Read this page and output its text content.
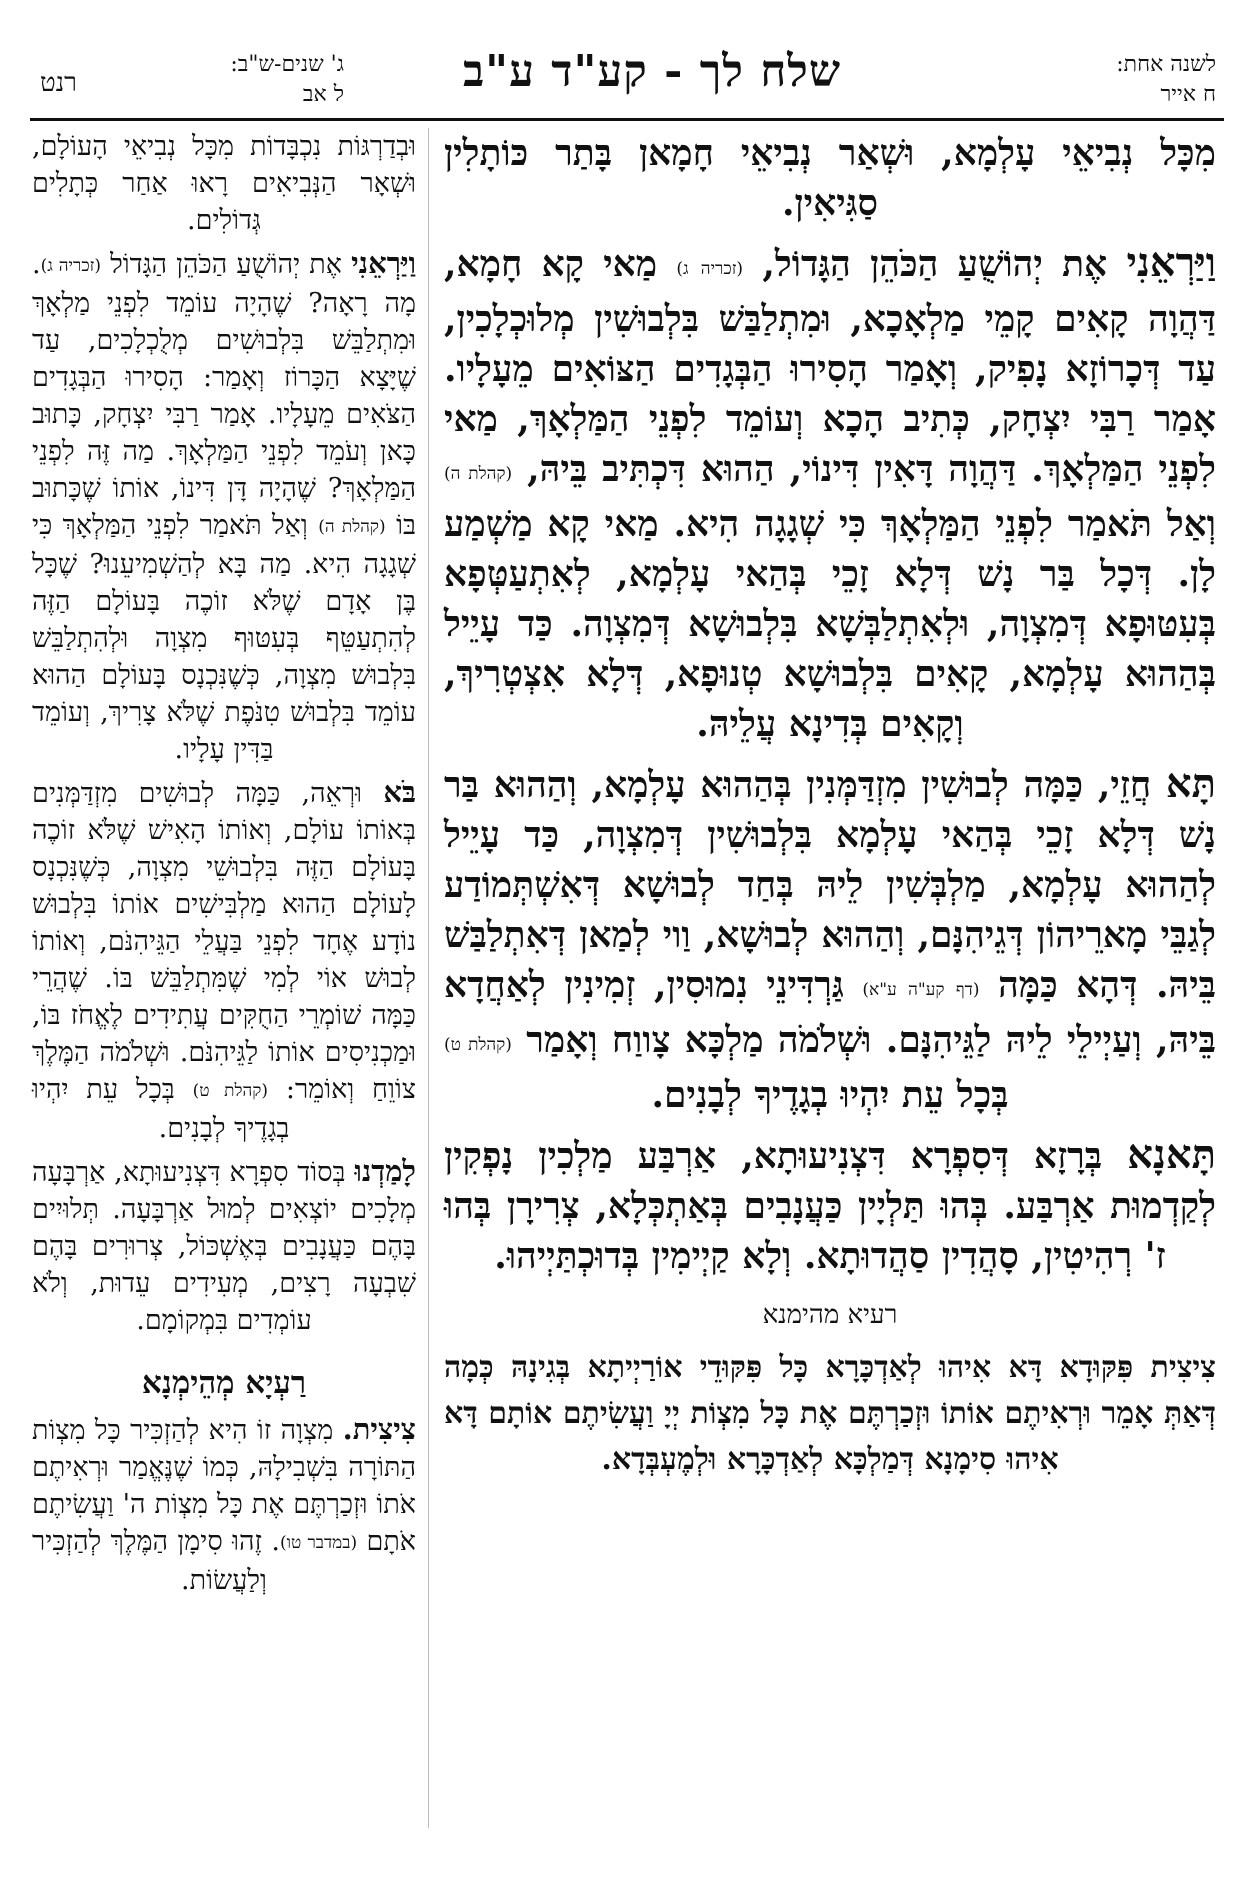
רנט
ג' שנים-ש"ב:
ל אב	שלח לך - קע"ד ע"ב	לשנה אחת:
ח אייר

מִכָּל נְבִיאֵי עָלְמָא, וּשְׁאַר נְבִיאֵי חָמָאן בָּתַר כּוֹתָלִין סַגִּיאִין.

וַיַּרְאֵנִי אֶת יְהוֹשֻׁעַ הַכֹּהֵן הַגָּדוֹל, (זכריה ג) מַאי קָא חָמָא, דַּהֲוָה קָאִים קָמֵי מַלְאָכָא, וּמִתְלַבַּשׁ בִּלְבוּשִׁין מְלוּכְלָכִין, עַד דְּכָרוֹזָא נָפִיק, וְאָמַר הָסִירוּ הַבְּגָדִים הַצּוֹאִים מֵעָלָיו. אָמַר רַבִּי יִצְחָק, כְּתִיב הָכָא וְעוֹמֵד לִפְנֵי הַמַּלְאָךְ, מַאי לִפְנֵי הַמַּלְאָךְ. דַּהֲוָה דָּאִין דִּינוֹי, הַהוּא דִּכְתִּיב בֵּיהּ, (קהלת ה) וְאַל תֹּאמַר לִפְנֵי הַמַּלְאָךְ כִּי שְׁגָגָה הִיא. מַאי קָא מַשְׁמַע לָן. דְּכָל בַּר נָשׁ דְּלָא זָכֵי בְּהַאי עָלְמָא, לְאִתְעַטְּפָא בְּעִטּוּפָא דְּמִצְוָה, וּלְאִתְלַבְּשָׁא בִּלְבוּשָׁא דְּמִצְוָה. כַּד עָיֵיל בְּהַהוּא עָלְמָא, קָאִים בִּלְבוּשָׁא טְנוּפָא, דְּלָא אִצְטְרִיךְ, וְקָאִים בְּדִינָא עֲלֵיהּ.

תָּא חֲזֵי, כַּמָּה לְבוּשִׁין מִזְדַּמְּנִין בְּהַהוּא עָלְמָא, וְהַהוּא בַּר נָשׁ דְּלָא זָכֵי בְּהַאי עָלְמָא בִּלְבוּשִׁין דְּמִצְוָה, כַּד עָיֵיל לְהַהוּא עָלְמָא, מַלְבְּשִׁין לֵיהּ בְּחַד לְבוּשָׁא דְּאִשְׁתְּמוֹדַע לְגַבֵּי מָארֵיהוֹן דְּגֵיהִנָּם, וְהַהוּא לְבוּשָׁא, וַוי לְמַאן דְּאִתְלַבַּשׁ בֵּיהּ. דְּהָא כַּמָּה (דף קע"ה ע"א) גַּרְדִּינֵי נִמוּסִין, זְמִינִין לְאַחֲדָא בֵּיהּ, וְעַיְילֵי לֵיהּ לַגֵּיהִנָּם. וּשְׁלֹמֹה מַלְכָּא צָווַח וְאָמַר (קהלת ט) בְּכָל עֵת יִהְיוּ בְגָדֶיךָ לְבָנִים.

תָּאנָא בְּרָזָא דְּסִפְרָא דִּצְנִיעוּתָא, אַרְבַּע מַלְכִין נָפְקִין לְקַדְמוּת אַרְבַּע. בְּהוּ תַּלְיָין כַּעֲנָבִים בְּאַתְכְּלָא, צְרִירָן בְּהוּ ז' רְהִיטִין, סָהֲדִין סַהֲדוּתָא. וְלָא קַיְימִין בְּדוּכְתַּיְיהוּ.

רעיא מהימנא

צִיצִית פִּקּוּדָא דָּא אִיהוּ לְאַדְכָּרָא כָּל פִּקּוּדֵי אוֹרַיְיתָא בְּגִינָהּ כְּמָה דְּאַתְּ אָמֵר וּרְאִיתֶם אוֹתוֹ וּזְכַרְתֶּם אֶת כָּל מִצְוֹת יְיָ וַעֲשִׂיתֶם אוֹתָם דָּא אִיהוּ סִימָנָא דְּמַלְכָּא לְאַדְכָּרָא וּלְמֶעְבְּדָא.

וּבְדַרְגּוֹת נִכְבָּדוֹת מִכָּל נְבִיאֵי הָעוֹלָם, וּשְׁאָר הַנְּבִיאִים רָאוּ אַחַר כְּתָלִים גְּדוֹלִים.

וַיַּרְאֵנִי אֶת יְהוֹשֻׁעַ הַכֹּהֵן הַגָּדוֹל (זכריה ג). מָה רָאָה? שֶׁהָיָה עוֹמֵד לִפְנֵי מַלְאָךְ וּמִתְלַבֵּשׁ בִּלְבוּשִׁים מְלֻכְלָכִים, עַד שֶׁיָּצָא הַכָּרוֹז וְאָמַר: הָסִירוּ הַבְּגָדִים הַצֹּאִים מֵעָלָיו. אָמַר רַבִּי יִצְחָק, כָּתוּב כָּאן וְעֹמֵד לִפְנֵי הַמַּלְאָךְ. מַה זֶּה לִפְנֵי הַמַּלְאָךְ? שֶׁהָיָה דָּן דִּינוֹ, אוֹתוֹ שֶׁכָּתוּב בּוֹ (קהלת ה) וְאַל תֹּאמַר לִפְנֵי הַמַּלְאָךְ כִּי שְׁגָגָה הִיא. מַה בָּא לְהַשְׁמִיעֵנוּ? שֶׁכָּל בֶּן אָדָם שֶׁלֹּא זוֹכֶה בָּעוֹלָם הַזֶּה לְהִתְעַטֵּף בְּעִטּוּף מִצְוָה וּלְהִתְלַבֵּשׁ בִּלְבוּשׁ מִצְוָה, כְּשֶׁנִּכְנָס בָּעוֹלָם הַהוּא עוֹמֵד בִּלְבוּשׁ טִנֹּפֶת שֶׁלֹּא צָרִיךְ, וְעוֹמֵד בַּדִּין עָלָיו.

בֹּא וּרְאֵה, כַּמָּה לְבוּשִׁים מִזְדַּמְּנִים בְּאוֹתוֹ עוֹלָם, וְאוֹתוֹ הָאִישׁ שֶׁלֹּא זוֹכֶה בָּעוֹלָם הַזֶּה בִּלְבוּשֵׁי מִצְוָה, כְּשֶׁנִּכְנָס לָעוֹלָם הַהוּא מַלְבִּישִׁים אוֹתוֹ בִּלְבוּשׁ נוֹדָע אֶחָד לִפְנֵי בַּעֲלֵי הַגֵּיהִנֹּם, וְאוֹתוֹ לְבוּשׁ אוֹי לְמִי שֶׁמִּתְלַבֵּשׁ בּוֹ. שֶׁהֲרֵי כַּמָּה שׁוֹמְרֵי הַחֻקִּים עֲתִידִים לֶאֱחֹז בּוֹ, וּמַכְנִיסִים אוֹתוֹ לַגֵּיהִנֹּם. וּשְׁלֹמֹה הַמֶּלֶךְ צוֹוֵחַ וְאוֹמֵר: (קהלת ט) בְּכָל עֵת יִהְיוּ בְגָדֶיךָ לְבָנִים.

לָמַדְנוּ בְּסוֹד סִפְרָא דִּצְנִיעוּתָא, אַרְבָּעָה מְלָכִים יוֹצְאִים לְמוּל אַרְבָּעָה. תְּלוּיִים בָּהֶם כַּעֲנָבִים בְּאֶשְׁכּוֹל, צְרוּרִים בָּהֶם שִׁבְעָה רָצִים, מְעִידִים עֵדוּת, וְלֹא עוֹמְדִים בִּמְקוֹמָם.

רַעְיָא מְהֵימְנָא

צִיצִית. מִצְוָה זוֹ הִיא לְהַזְכִּיר כָּל מִצְוֹת הַתּוֹרָה בִּשְׁבִילָהּ, כְּמוֹ שֶׁנֶּאֱמַר וּרְאִיתֶם אֹתוֹ וּזְכַרְתֶּם אֶת כָּל מִצְוֹת ה' וַעֲשִׂיתֶם אֹתָם (במדבר טו). זֶהוּ סִימָן הַמֶּלֶךְ לְהַזְכִּיר וְלַעֲשׂוֹת.
